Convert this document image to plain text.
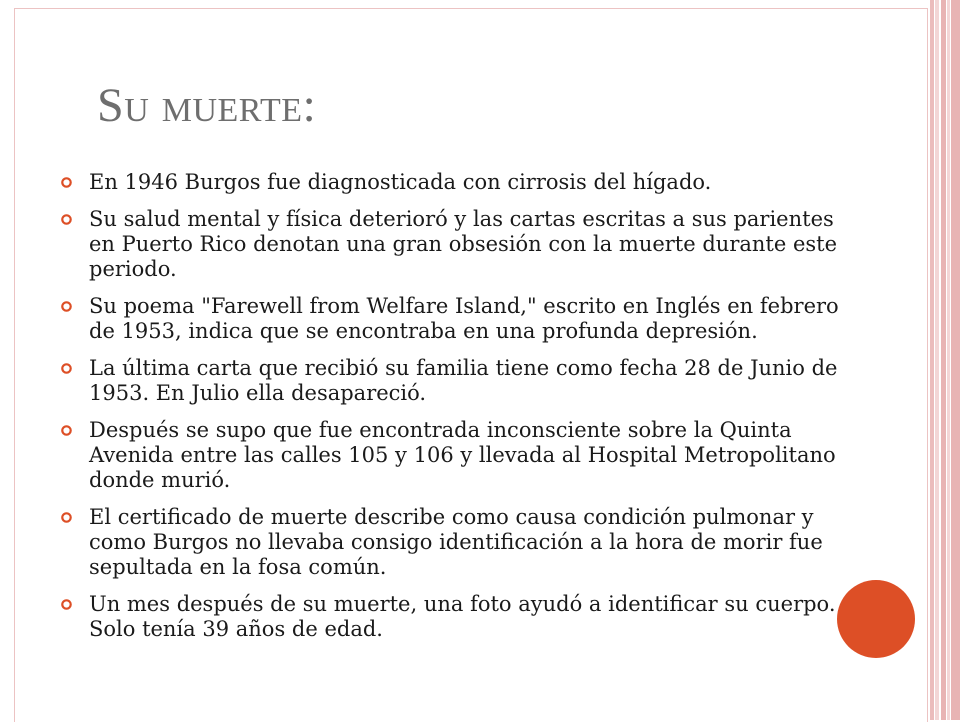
Su muerte:
En 1946 Burgos fue diagnosticada con cirrosis del hígado.
Su salud mental y física deterioró y las cartas escritas a sus parientes en Puerto Rico denotan una gran obsesión con la muerte durante este periodo.
Su poema "Farewell from Welfare Island," escrito en Inglés en febrero de 1953, indica que se encontraba en una profunda depresión.
La última carta que recibió su familia tiene como fecha 28 de Junio de 1953. En Julio ella desapareció.
Después se supo que fue encontrada inconsciente sobre la Quinta Avenida entre las calles 105 y 106 y llevada al Hospital Metropolitano donde murió.
El certificado de muerte describe como causa condición pulmonar y como Burgos no llevaba consigo identificación a la hora de morir fue sepultada en la fosa común.
Un mes después de su muerte, una foto ayudó a identificar su cuerpo. Solo tenía 39 años de edad.
